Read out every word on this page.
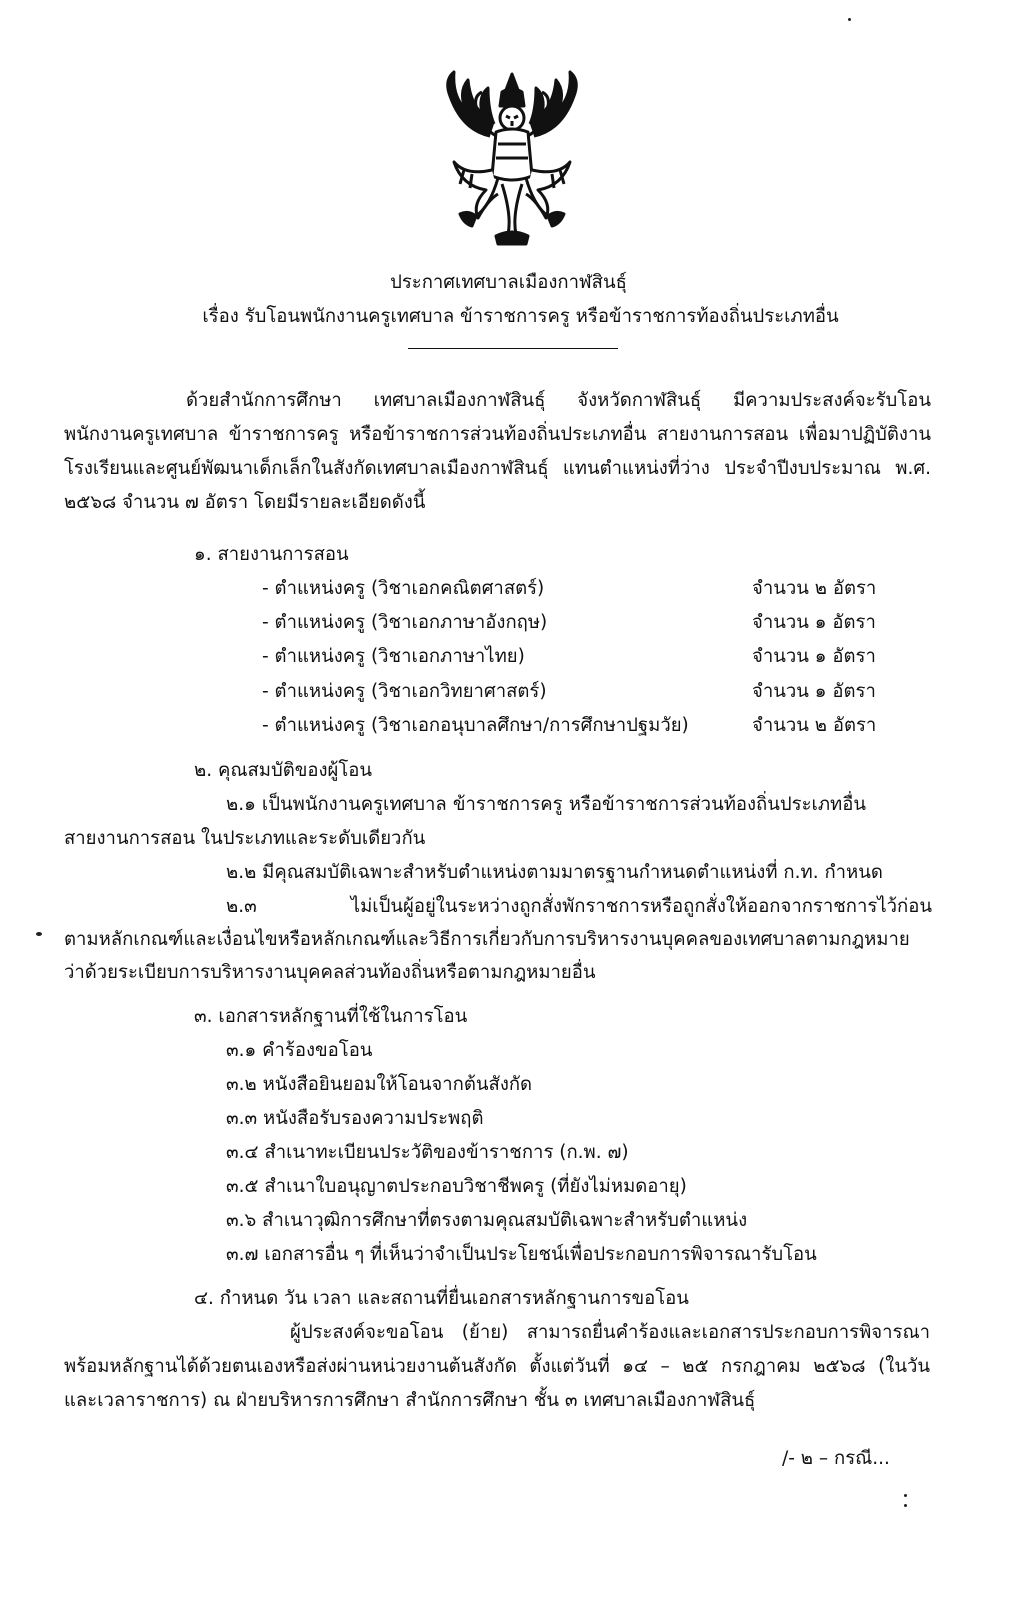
ประกาศเทศบาลเมืองกาฬสินธุ์
เรื่อง รับโอนพนักงานครูเทศบาล ข้าราชการครู หรือข้าราชการท้องถิ่นประเภทอื่น
ด้วยสำนักการศึกษา เทศบาลเมืองกาฬสินธุ์ จังหวัดกาฬสินธุ์ มีความประสงค์จะรับโอน
พนักงานครูเทศบาล ข้าราชการครู หรือข้าราชการส่วนท้องถิ่นประเภทอื่น สายงานการสอน เพื่อมาปฏิบัติงาน
โรงเรียนและศูนย์พัฒนาเด็กเล็กในสังกัดเทศบาลเมืองกาฬสินธุ์ แทนตำแหน่งที่ว่าง ประจำปีงบประมาณ พ.ศ.
๒๕๖๘ จำนวน ๗ อัตรา โดยมีรายละเอียดดังนี้
๑. สายงานการสอน
- ตำแหน่งครู (วิชาเอกคณิตศาสตร์)	จำนวน ๒ อัตรา
- ตำแหน่งครู (วิชาเอกภาษาอังกฤษ)	จำนวน ๑ อัตรา
- ตำแหน่งครู (วิชาเอกภาษาไทย)	จำนวน ๑ อัตรา
- ตำแหน่งครู (วิชาเอกวิทยาศาสตร์)	จำนวน ๑ อัตรา
- ตำแหน่งครู (วิชาเอกอนุบาลศึกษา/การศึกษาปฐมวัย)	จำนวน ๒ อัตรา
๒. คุณสมบัติของผู้โอน
๒.๑ เป็นพนักงานครูเทศบาล ข้าราชการครู หรือข้าราชการส่วนท้องถิ่นประเภทอื่น
สายงานการสอน ในประเภทและระดับเดียวกัน
๒.๒ มีคุณสมบัติเฉพาะสำหรับตำแหน่งตามมาตรฐานกำหนดตำแหน่งที่ ก.ท. กำหนด
๒.๓ ไม่เป็นผู้อยู่ในระหว่างถูกสั่งพักราชการหรือถูกสั่งให้ออกจากราชการไว้ก่อน
ตามหลักเกณฑ์และเงื่อนไขหรือหลักเกณฑ์และวิธีการเกี่ยวกับการบริหารงานบุคคลของเทศบาลตามกฎหมาย
ว่าด้วยระเบียบการบริหารงานบุคคลส่วนท้องถิ่นหรือตามกฎหมายอื่น
๓. เอกสารหลักฐานที่ใช้ในการโอน
๓.๑ คำร้องขอโอน
๓.๒ หนังสือยินยอมให้โอนจากต้นสังกัด
๓.๓ หนังสือรับรองความประพฤติ
๓.๔ สำเนาทะเบียนประวัติของข้าราชการ (ก.พ. ๗)
๓.๕ สำเนาใบอนุญาตประกอบวิชาชีพครู (ที่ยังไม่หมดอายุ)
๓.๖ สำเนาวุฒิการศึกษาที่ตรงตามคุณสมบัติเฉพาะสำหรับตำแหน่ง
๓.๗ เอกสารอื่น ๆ ที่เห็นว่าจำเป็นประโยชน์เพื่อประกอบการพิจารณารับโอน
๔. กำหนด วัน เวลา และสถานที่ยื่นเอกสารหลักฐานการขอโอน
ผู้ประสงค์จะขอโอน (ย้าย) สามารถยื่นคำร้องและเอกสารประกอบการพิจารณา
พร้อมหลักฐานได้ด้วยตนเองหรือส่งผ่านหน่วยงานต้นสังกัด ตั้งแต่วันที่ ๑๔ – ๒๕ กรกฎาคม ๒๕๖๘ (ในวัน
และเวลาราชการ) ณ ฝ่ายบริหารการศึกษา สำนักการศึกษา ชั้น ๓ เทศบาลเมืองกาฬสินธุ์
/- ๒ – กรณี...
